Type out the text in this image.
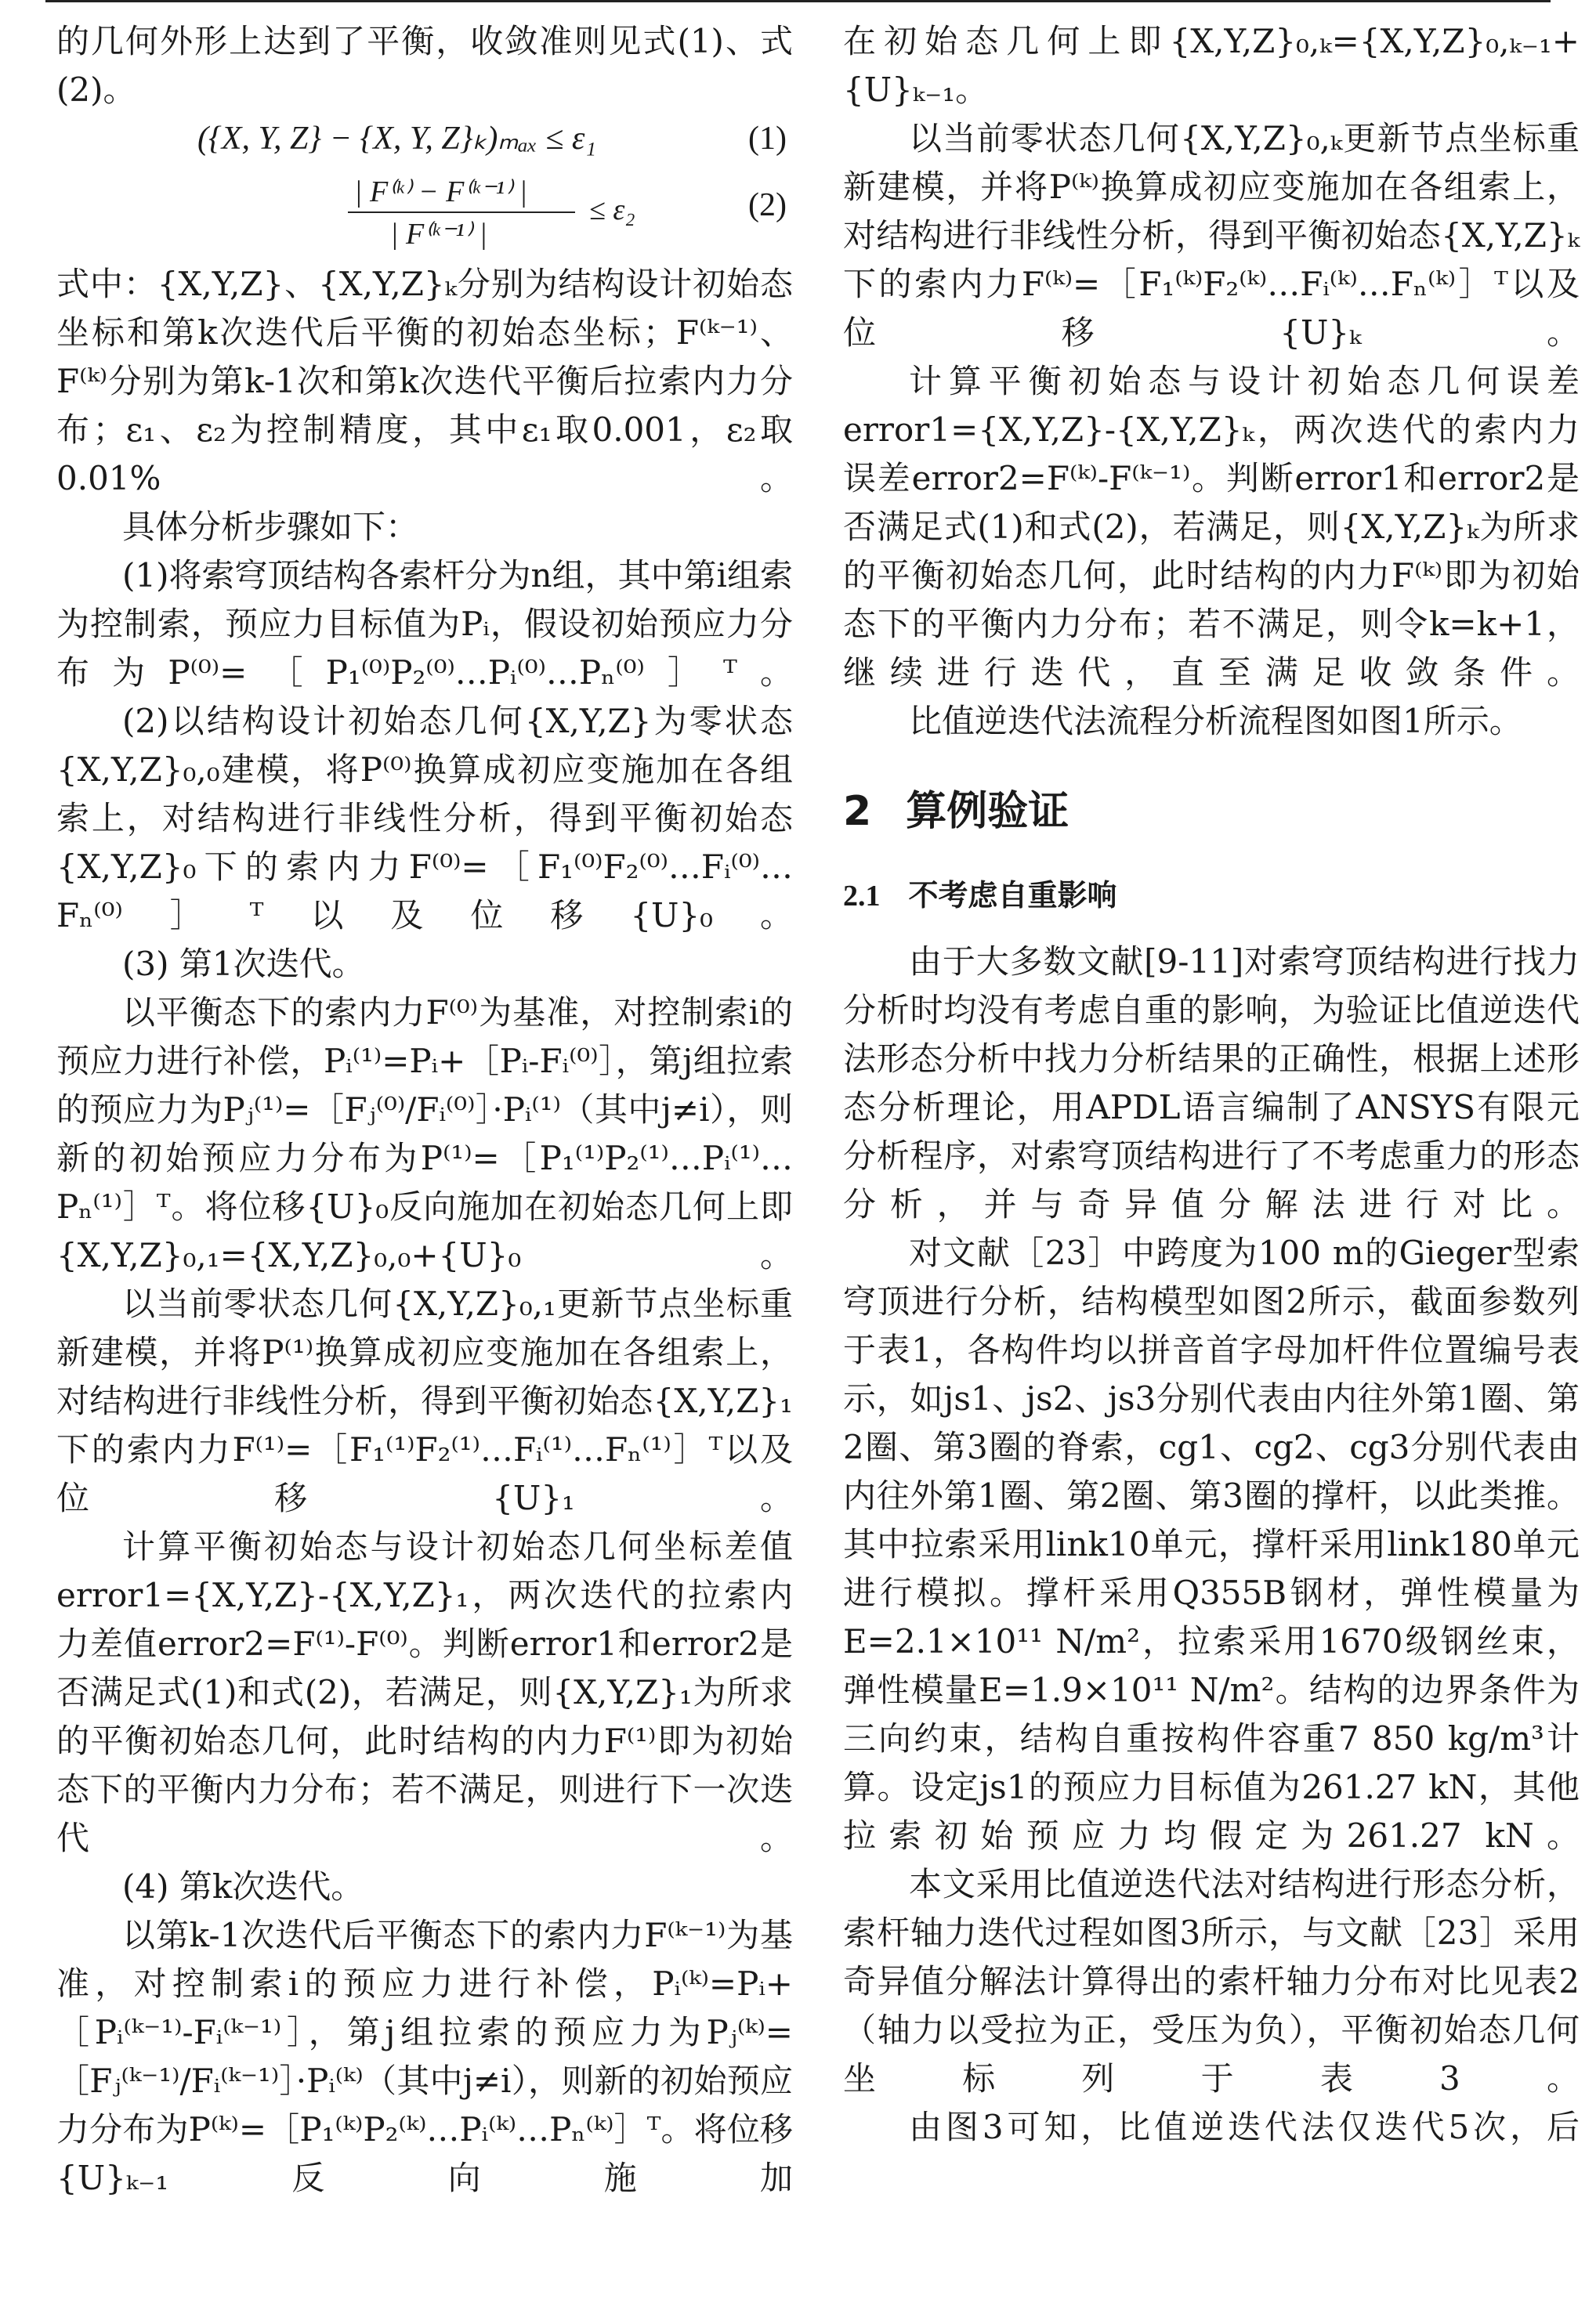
的几何外形上达到了平衡，收敛准则见式(1)、式(2)。

({X, Y, Z} − {X, Y, Z}ₖ)ₘₐₓ ≤ ε₁	(1)
| F⁽ᵏ⁾ − F⁽ᵏ⁻¹⁾ |
| F⁽ᵏ⁻¹⁾ |
≤ ε₂	(2)

式中：{X,Y,Z}、{X,Y,Z}ₖ分别为结构设计初始态坐标和第k次迭代后平衡的初始态坐标；F⁽ᵏ⁻¹⁾、F⁽ᵏ⁾分别为第k-1次和第k次迭代平衡后拉索内力分布；ε₁、ε₂为控制精度，其中ε₁取0.001，ε₂取0.01%。

具体分析步骤如下：

(1)将索穹顶结构各索杆分为n组，其中第i组索为控制索，预应力目标值为Pᵢ，假设初始预应力分布为P⁽⁰⁾=［P₁⁽⁰⁾P₂⁽⁰⁾…Pᵢ⁽⁰⁾…Pₙ⁽⁰⁾］ᵀ。

(2)以结构设计初始态几何{X,Y,Z}为零状态{X,Y,Z}₀,₀建模，将P⁽⁰⁾换算成初应变施加在各组索上，对结构进行非线性分析，得到平衡初始态{X,Y,Z}₀下的索内力F⁽⁰⁾=［F₁⁽⁰⁾F₂⁽⁰⁾…Fᵢ⁽⁰⁾…Fₙ⁽⁰⁾］ᵀ以及位移{U}₀。

(3) 第1次迭代。

以平衡态下的索内力F⁽⁰⁾为基准，对控制索i的预应力进行补偿，Pᵢ⁽¹⁾=Pᵢ+［Pᵢ-Fᵢ⁽⁰⁾］，第j组拉索的预应力为Pⱼ⁽¹⁾=［Fⱼ⁽⁰⁾/Fᵢ⁽⁰⁾］·Pᵢ⁽¹⁾（其中j≠i），则新的初始预应力分布为P⁽¹⁾=［P₁⁽¹⁾P₂⁽¹⁾…Pᵢ⁽¹⁾…Pₙ⁽¹⁾］ᵀ。将位移{U}₀反向施加在初始态几何上即{X,Y,Z}₀,₁={X,Y,Z}₀,₀+{U}₀。

以当前零状态几何{X,Y,Z}₀,₁更新节点坐标重新建模，并将P⁽¹⁾换算成初应变施加在各组索上，对结构进行非线性分析，得到平衡初始态{X,Y,Z}₁下的索内力F⁽¹⁾=［F₁⁽¹⁾F₂⁽¹⁾…Fᵢ⁽¹⁾…Fₙ⁽¹⁾］ᵀ以及位移{U}₁。

计算平衡初始态与设计初始态几何坐标差值error1={X,Y,Z}-{X,Y,Z}₁，两次迭代的拉索内力差值error2=F⁽¹⁾-F⁽⁰⁾。判断error1和error2是否满足式(1)和式(2)，若满足，则{X,Y,Z}₁为所求的平衡初始态几何，此时结构的内力F⁽¹⁾即为初始态下的平衡内力分布；若不满足，则进行下一次迭代。

(4) 第k次迭代。

以第k-1次迭代后平衡态下的索内力F⁽ᵏ⁻¹⁾为基准，对控制索i的预应力进行补偿，Pᵢ⁽ᵏ⁾=Pᵢ+［Pᵢ⁽ᵏ⁻¹⁾-Fᵢ⁽ᵏ⁻¹⁾］，第j组拉索的预应力为Pⱼ⁽ᵏ⁾=［Fⱼ⁽ᵏ⁻¹⁾/Fᵢ⁽ᵏ⁻¹⁾］·Pᵢ⁽ᵏ⁾（其中j≠i），则新的初始预应力分布为P⁽ᵏ⁾=［P₁⁽ᵏ⁾P₂⁽ᵏ⁾…Pᵢ⁽ᵏ⁾…Pₙ⁽ᵏ⁾］ᵀ。将位移{U}ₖ₋₁反向施加

在初始态几何上即{X,Y,Z}₀,ₖ={X,Y,Z}₀,ₖ₋₁+{U}ₖ₋₁。

以当前零状态几何{X,Y,Z}₀,ₖ更新节点坐标重新建模，并将P⁽ᵏ⁾换算成初应变施加在各组索上，对结构进行非线性分析，得到平衡初始态{X,Y,Z}ₖ下的索内力F⁽ᵏ⁾=［F₁⁽ᵏ⁾F₂⁽ᵏ⁾…Fᵢ⁽ᵏ⁾…Fₙ⁽ᵏ⁾］ᵀ以及位移{U}ₖ。

计算平衡初始态与设计初始态几何误差error1={X,Y,Z}-{X,Y,Z}ₖ，两次迭代的索内力误差error2=F⁽ᵏ⁾-F⁽ᵏ⁻¹⁾。判断error1和error2是否满足式(1)和式(2)，若满足，则{X,Y,Z}ₖ为所求的平衡初始态几何，此时结构的内力F⁽ᵏ⁾即为初始态下的平衡内力分布；若不满足，则令k=k+1，继续进行迭代，直至满足收敛条件。

比值逆迭代法流程分析流程图如图1所示。

2 算例验证
2.1 不考虑自重影响

由于大多数文献[9-11]对索穹顶结构进行找力分析时均没有考虑自重的影响，为验证比值逆迭代法形态分析中找力分析结果的正确性，根据上述形态分析理论，用APDL语言编制了ANSYS有限元分析程序，对索穹顶结构进行了不考虑重力的形态分析，并与奇异值分解法进行对比。

对文献［23］中跨度为100 m的Gieger型索穹顶进行分析，结构模型如图2所示，截面参数列于表1，各构件均以拼音首字母加杆件位置编号表示，如js1、js2、js3分别代表由内往外第1圈、第2圈、第3圈的脊索，cg1、cg2、cg3分别代表由内往外第1圈、第2圈、第3圈的撑杆，以此类推。其中拉索采用link10单元，撑杆采用link180单元进行模拟。撑杆采用Q355B钢材，弹性模量为E=2.1×10¹¹ N/m²，拉索采用1670级钢丝束，弹性模量E=1.9×10¹¹ N/m²。结构的边界条件为三向约束，结构自重按构件容重7 850 kg/m³计算。设定js1的预应力目标值为261.27 kN，其他拉索初始预应力均假定为261.27 kN。

本文采用比值逆迭代法对结构进行形态分析，索杆轴力迭代过程如图3所示，与文献［23］采用奇异值分解法计算得出的索杆轴力分布对比见表2（轴力以受拉为正，受压为负），平衡初始态几何坐标列于表3。

由图3可知，比值逆迭代法仅迭代5次，后
